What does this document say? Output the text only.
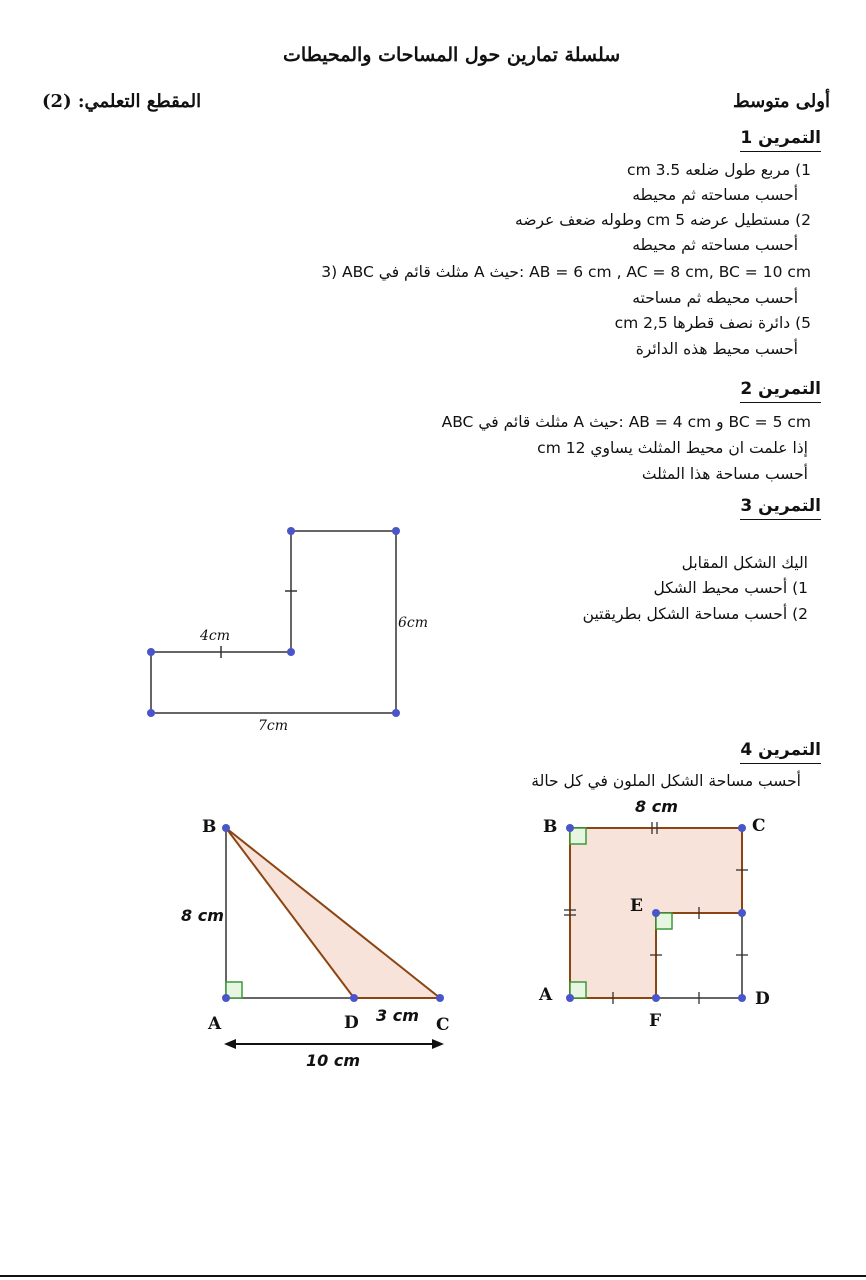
سلسلة تمارين حول المساحات والمحيطات
أولى متوسط
المقطع التعلمي: (2)
التمرين 1
1) مربع طول ضلعه 3.5 cm
أحسب مساحته ثم محيطه
2) مستطيل عرضه 5 cm وطوله ضعف عرضه
أحسب مساحته ثم محيطه
3) ABC مثلث قائم في A حيث: AB = 6 cm , AC = 8 cm, BC = 10 cm
أحسب محيطه ثم مساحته
5) دائرة نصف قطرها 2,5 cm
أحسب محيط هذه الدائرة
التمرين 2
ABC مثلث قائم في A حيث: AB = 4 cm و BC = 5 cm
إذا علمت ان محيط المثلث يساوي 12 cm
أحسب مساحة هذا المثلث
التمرين 3
اليك الشكل المقابل
1) أحسب محيط الشكل
2) أحسب مساحة الشكل بطريقتين
التمرين 4
أحسب مساحة الشكل الملون في كل حالة
6cm
4cm
7cm
B
A	D	C
8 cm
3 cm
10 cm
8 cm
B	C
E
A
F
D
